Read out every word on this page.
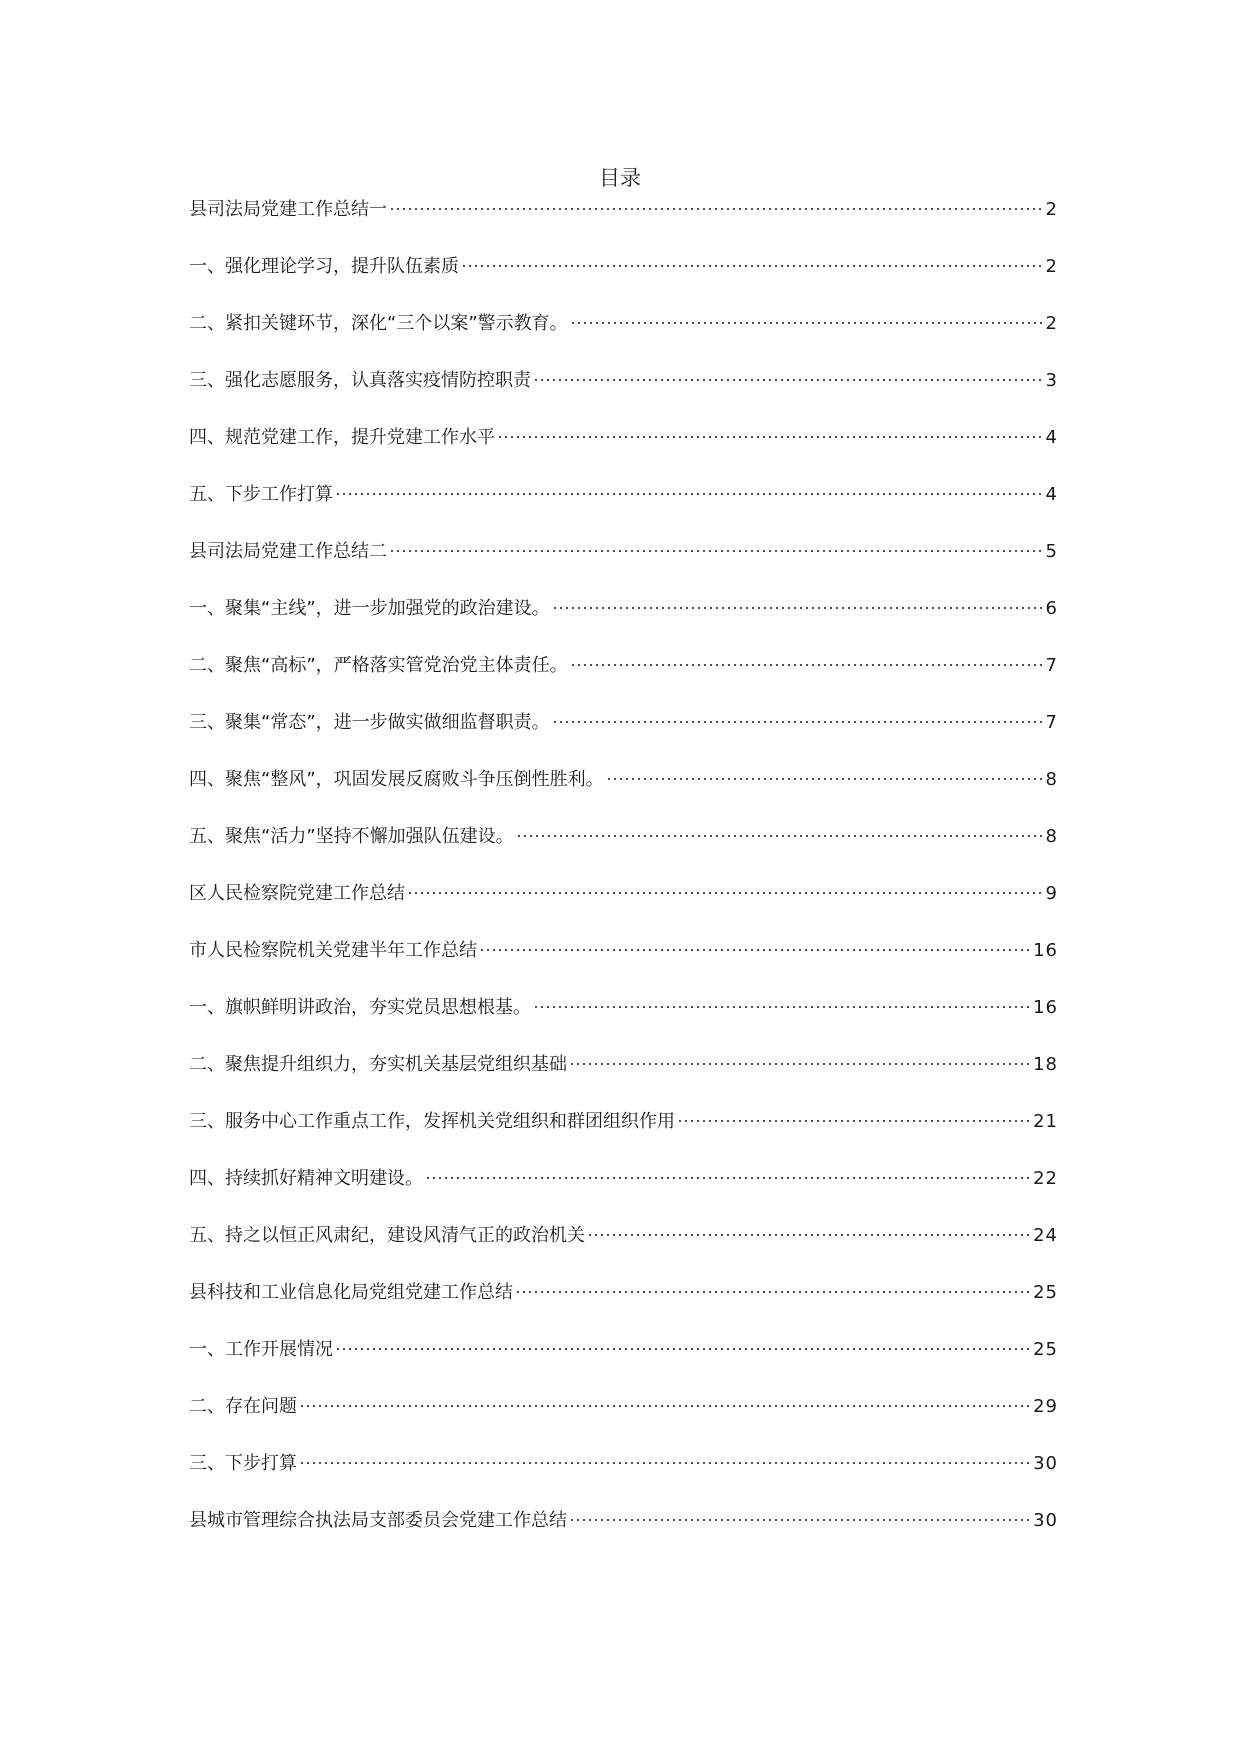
目录
县司法局党建工作总结一	2
一、强化理论学习，提升队伍素质	2
二、紧扣关键环节，深化“三个以案”警示教育。	2
三、强化志愿服务，认真落实疫情防控职责	3
四、规范党建工作，提升党建工作水平	4
五、下步工作打算	4
县司法局党建工作总结二	5
一、聚集“主线”，进一步加强党的政治建设。	6
二、聚焦“高标”，严格落实管党治党主体责任。	7
三、聚集“常态”，进一步做实做细监督职责。	7
四、聚焦“整风”，巩固发展反腐败斗争压倒性胜利。	8
五、聚焦“活力”坚持不懈加强队伍建设。	8
区人民检察院党建工作总结	9
市人民检察院机关党建半年工作总结	16
一、旗帜鲜明讲政治，夯实党员思想根基。	16
二、聚焦提升组织力，夯实机关基层党组织基础	18
三、服务中心工作重点工作，发挥机关党组织和群团组织作用	21
四、持续抓好精神文明建设。	22
五、持之以恒正风肃纪，建设风清气正的政治机关	24
县科技和工业信息化局党组党建工作总结	25
一、工作开展情况	25
二、存在问题	29
三、下步打算	30
县城市管理综合执法局支部委员会党建工作总结	30
